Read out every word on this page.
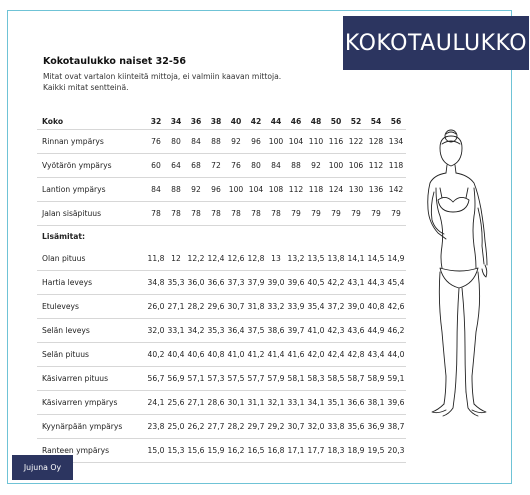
KOKOTAULUKKO
Kokotaulukko naiset 32-56
Mitat ovat vartalon kiinteitä mittoja, ei valmiin kaavan mittoja.
Kaikki mitat sentteinä.
Koko	32	34	36	38	40	42	44	46	48	50	52	54	56
Rinnan ympärys	76	80	84	88	92	96	100	104	110	116	122	128	134
Vyötärön ympärys	60	64	68	72	76	80	84	88	92	100	106	112	118
Lantion ympärys	84	88	92	96	100	104	108	112	118	124	130	136	142
Jalan sisäpituus	78	78	78	78	78	78	78	79	79	79	79	79	79
Lisämitat:													
Olan pituus	11,8	12	12,2	12,4	12,6	12,8	13	13,2	13,5	13,8	14,1	14,5	14,9
Hartia leveys	34,8	35,3	36,0	36,6	37,3	37,9	39,0	39,6	40,5	42,2	43,1	44,3	45,4
Etuleveys	26,0	27,1	28,2	29,6	30,7	31,8	33,2	33,9	35,4	37,2	39,0	40,8	42,6
Selän leveys	32,0	33,1	34,2	35,3	36,4	37,5	38,6	39,7	41,0	42,3	43,6	44,9	46,2
Selän pituus	40,2	40,4	40,6	40,8	41,0	41,2	41,4	41,6	42,0	42,4	42,8	43,4	44,0
Käsivarren pituus	56,7	56,9	57,1	57,3	57,5	57,7	57,9	58,1	58,3	58,5	58,7	58,9	59,1
Käsivarren ympärys	24,1	25,6	27,1	28,6	30,1	31,1	32,1	33,1	34,1	35,1	36,6	38,1	39,6
Kyynärpään ympärys	23,8	25,0	26,2	27,7	28,2	29,7	29,2	30,7	32,0	33,8	35,6	36,9	38,7
Ranteen ympärys	15,0	15,3	15,6	15,9	16,2	16,5	16,8	17,1	17,7	18,3	18,9	19,5	20,3
Jujuna Oy
